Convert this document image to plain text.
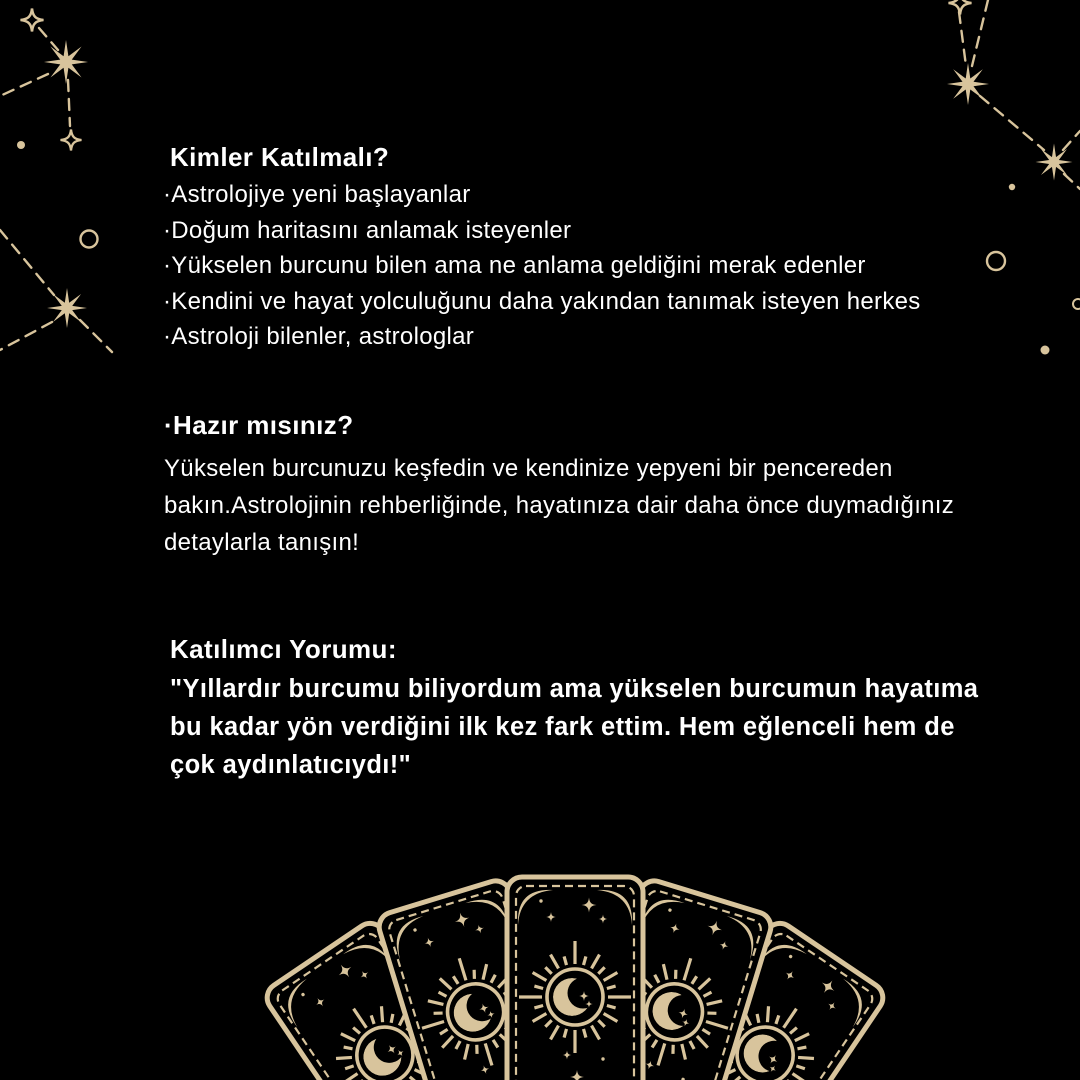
Kimler Katılmalı?
·Astrolojiye yeni başlayanlar
·Doğum haritasını anlamak isteyenler
·Yükselen burcunu bilen ama ne anlama geldiğini merak edenler
·Kendini ve hayat yolculuğunu daha yakından tanımak isteyen herkes
·Astroloji bilenler, astrologlar
·Hazır mısınız?
Yükselen burcunuzu keşfedin ve kendinize yepyeni bir pencereden
bakın.Astrolojinin rehberliğinde, hayatınıza dair daha önce duymadığınız
detaylarla tanışın!
Katılımcı Yorumu:
"Yıllardır burcumu biliyordum ama yükselen burcumun hayatıma
bu kadar yön verdiğini ilk kez fark ettim. Hem eğlenceli hem de
çok aydınlatıcıydı!"
